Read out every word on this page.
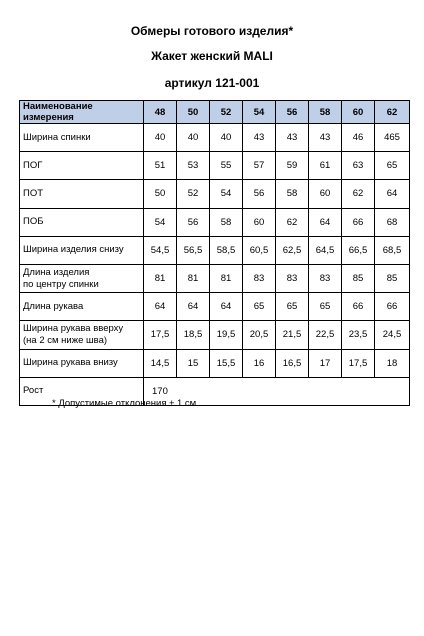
Обмеры готового изделия*
Жакет женский MALI
артикул 121-001
Наименование измерения	48	50	52	54	56	58	60	62
Ширина спинки	40	40	40	43	43	43	46	465
ПОГ	51	53	55	57	59	61	63	65
ПОТ	50	52	54	56	58	60	62	64
ПОБ	54	56	58	60	62	64	66	68
Ширина изделия снизу	54,5	56,5	58,5	60,5	62,5	64,5	66,5	68,5
Длина изделия
по центру спинки	81	81	81	83	83	83	85	85
Длина рукава	64	64	64	65	65	65	66	66
Ширина рукава вверху
(на 2 см ниже шва)	17,5	18,5	19,5	20,5	21,5	22,5	23,5	24,5
Ширина рукава внизу	14,5	15	15,5	16	16,5	17	17,5	18
Рост	170							
* Допустимые отклонения ± 1 см
